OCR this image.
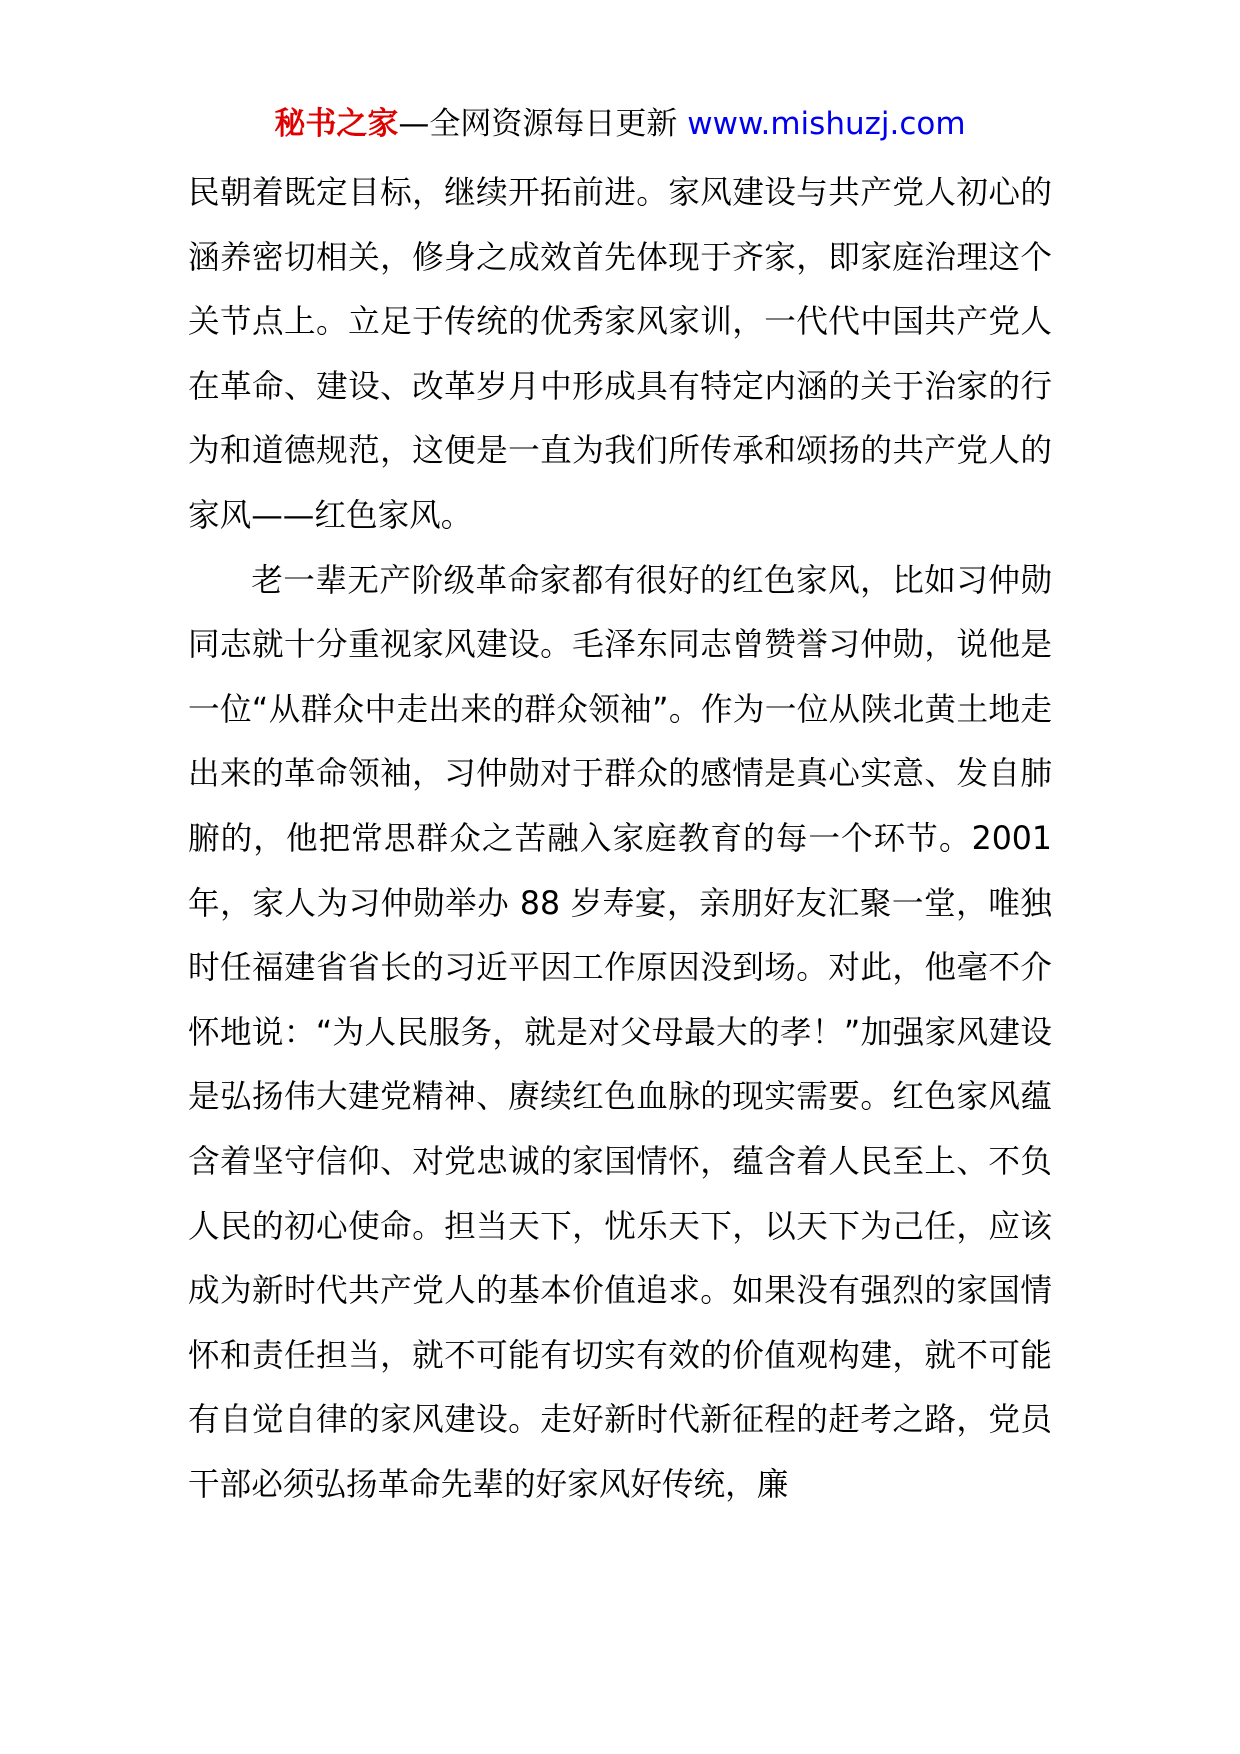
秘书之家—全网资源每日更新 www.mishuzj.com

民朝着既定目标，继续开拓前进。家风建设与共产党人初心的涵养密切相关，修身之成效首先体现于齐家，即家庭治理这个关节点上。立足于传统的优秀家风家训，一代代中国共产党人在革命、建设、改革岁月中形成具有特定内涵的关于治家的行为和道德规范，这便是一直为我们所传承和颂扬的共产党人的家风——红色家风。

老一辈无产阶级革命家都有很好的红色家风，比如习仲勋同志就十分重视家风建设。毛泽东同志曾赞誉习仲勋，说他是一位“从群众中走出来的群众领袖”。作为一位从陕北黄土地走出来的革命领袖，习仲勋对于群众的感情是真心实意、发自肺腑的，他把常思群众之苦融入家庭教育的每一个环节。2001 年，家人为习仲勋举办 88 岁寿宴，亲朋好友汇聚一堂，唯独时任福建省省长的习近平因工作原因没到场。对此，他毫不介怀地说：“为人民服务，就是对父母最大的孝！”加强家风建设是弘扬伟大建党精神、赓续红色血脉的现实需要。红色家风蕴含着坚守信仰、对党忠诚的家国情怀，蕴含着人民至上、不负人民的初心使命。担当天下，忧乐天下，以天下为己任，应该成为新时代共产党人的基本价值追求。如果没有强烈的家国情怀和责任担当，就不可能有切实有效的价值观构建，就不可能有自觉自律的家风建设。走好新时代新征程的赶考之路，党员干部必须弘扬革命先辈的好家风好传统，廉
